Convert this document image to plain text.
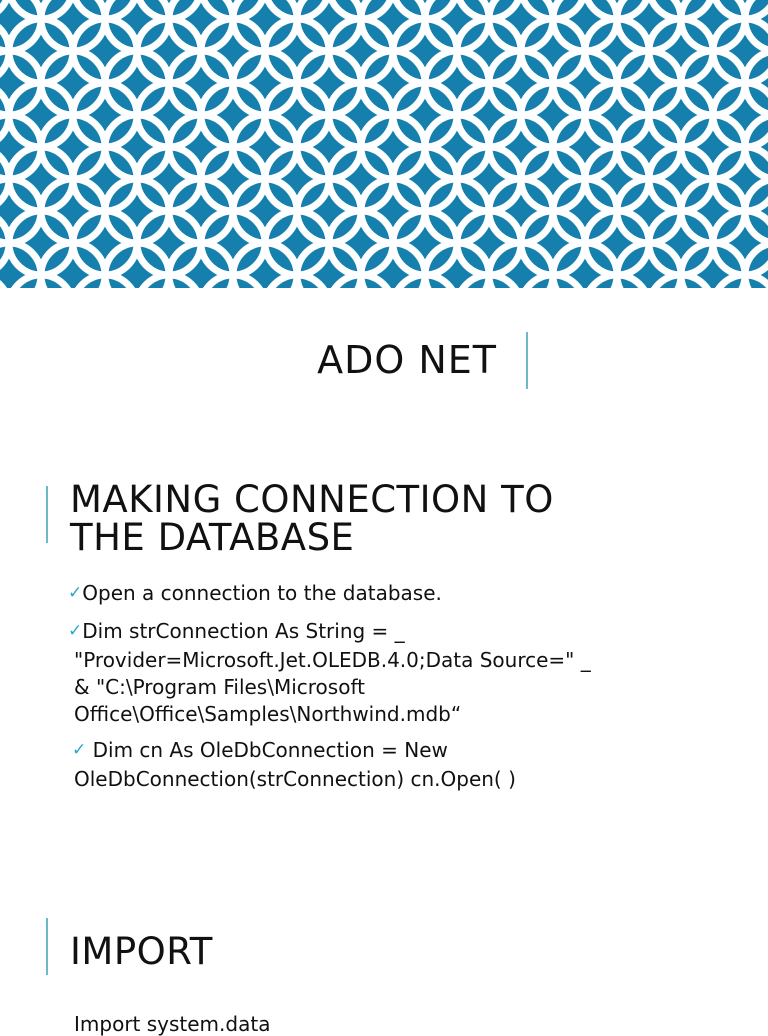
ADO NET
MAKING CONNECTION TO
THE DATABASE
✓Open a connection to the database.
✓Dim strConnection As String = _
"Provider=Microsoft.Jet.OLEDB.4.0;Data Source=" _
& "C:\Program Files\Microsoft
Office\Office\Samples\Northwind.mdb“
✓ Dim cn As OleDbConnection = New
OleDbConnection(strConnection) cn.Open( )
IMPORT
Import system.data
